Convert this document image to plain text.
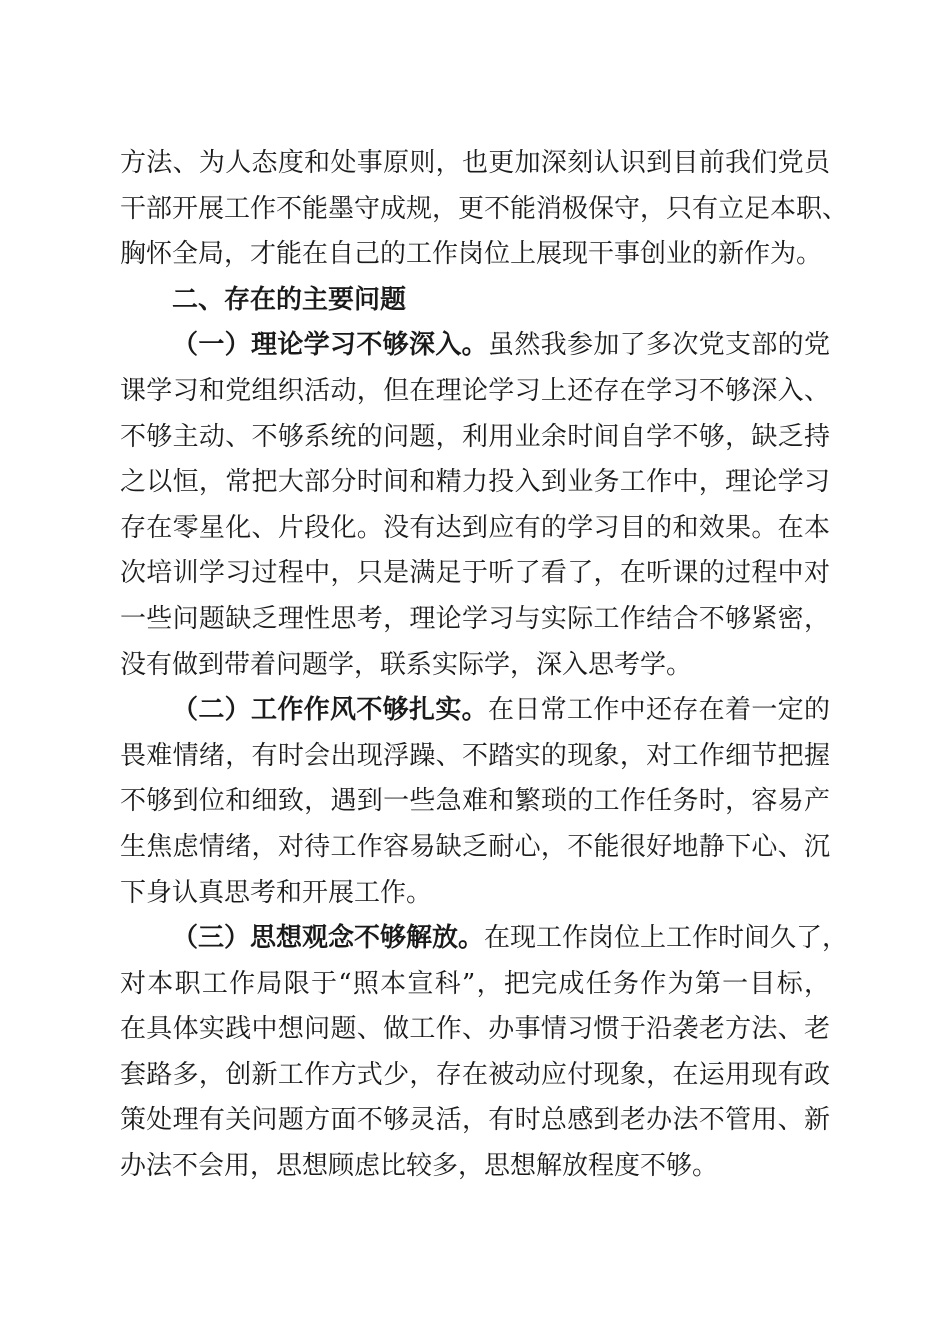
方法、为人态度和处事原则，也更加深刻认识到目前我们党员
干部开展工作不能墨守成规，更不能消极保守，只有立足本职、
胸怀全局，才能在自己的工作岗位上展现干事创业的新作为。
二、存在的主要问题
（一）理论学习不够深入。虽然我参加了多次党支部的党
课学习和党组织活动，但在理论学习上还存在学习不够深入、
不够主动、不够系统的问题，利用业余时间自学不够，缺乏持
之以恒，常把大部分时间和精力投入到业务工作中，理论学习
存在零星化、片段化。没有达到应有的学习目的和效果。在本
次培训学习过程中，只是满足于听了看了，在听课的过程中对
一些问题缺乏理性思考，理论学习与实际工作结合不够紧密，
没有做到带着问题学，联系实际学，深入思考学。
（二）工作作风不够扎实。在日常工作中还存在着一定的
畏难情绪，有时会出现浮躁、不踏实的现象，对工作细节把握
不够到位和细致，遇到一些急难和繁琐的工作任务时，容易产
生焦虑情绪，对待工作容易缺乏耐心，不能很好地静下心、沉
下身认真思考和开展工作。
（三）思想观念不够解放。在现工作岗位上工作时间久了，
对本职工作局限于“照本宣科”，把完成任务作为第一目标，
在具体实践中想问题、做工作、办事情习惯于沿袭老方法、老
套路多，创新工作方式少，存在被动应付现象，在运用现有政
策处理有关问题方面不够灵活，有时总感到老办法不管用、新
办法不会用，思想顾虑比较多，思想解放程度不够。
